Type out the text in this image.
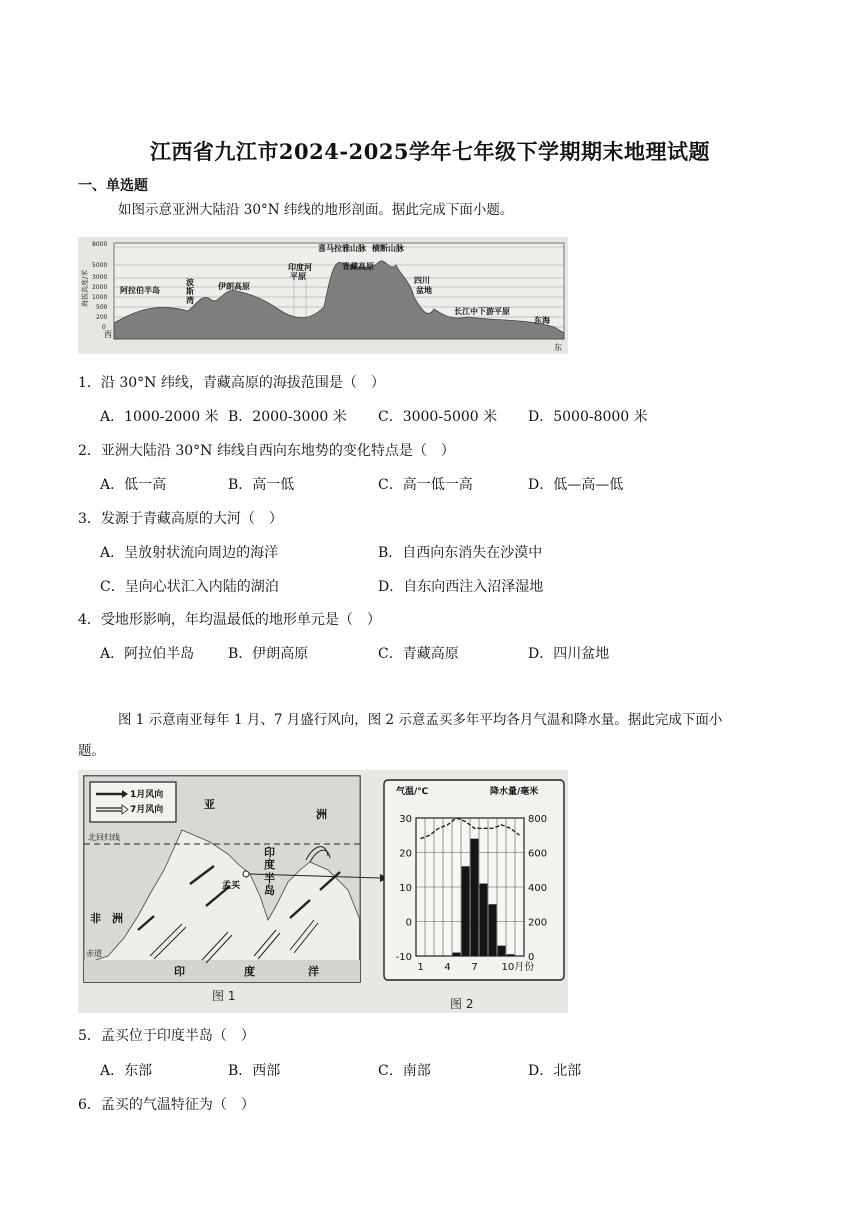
江西省九江市2024-2025学年七年级下学期期末地理试题
一、单选题
如图示意亚洲大陆沿 30°N 纬线的地形剖面。据此完成下面小题。
8000
5000
3000
2000
1000
500
200
0
海拔高度/米
西
东
阿拉伯半岛
波
斯
湾
伊朗高原
印度河
平原
喜马拉雅山脉 横断山脉
青藏高原
四川
盆地
长江中下游平原
东海
1．沿 30°N 纬线，青藏高原的海拔范围是（　）
A．1000-2000 米 B．2000-3000 米 C．3000-5000 米 D．5000-8000 米
2．亚洲大陆沿 30°N 纬线自西向东地势的变化特点是（　）
A．低一高	B．高一低	C．高一低一高	D．低—高—低
3．发源于青藏高原的大河（　）
A．呈放射状流向周边的海洋	B．自西向东消失在沙漠中
C．呈向心状汇入内陆的湖泊	D．自东向西注入沼泽湿地
4．受地形影响，年均温最低的地形单元是（　）
A．阿拉伯半岛 B．伊朗高原	C．青藏高原	D．四川盆地
图 1 示意南亚每年 1 月、7 月盛行风向，图 2 示意孟买多年平均各月气温和降水量。据此完成下面小
题。
1月风向
7月风向	亚
洲
印
度
半
岛
非 洲
印	度	洋
北回归线
孟买
赤道
图 1
气温/℃	降水量/毫米
30
20
10
0
-10
800
600
400
200
0
1 4 7 10月份
图 2
5．孟买位于印度半岛（　）
A．东部	B．西部	C．南部	D．北部
6．孟买的气温特征为（　）
